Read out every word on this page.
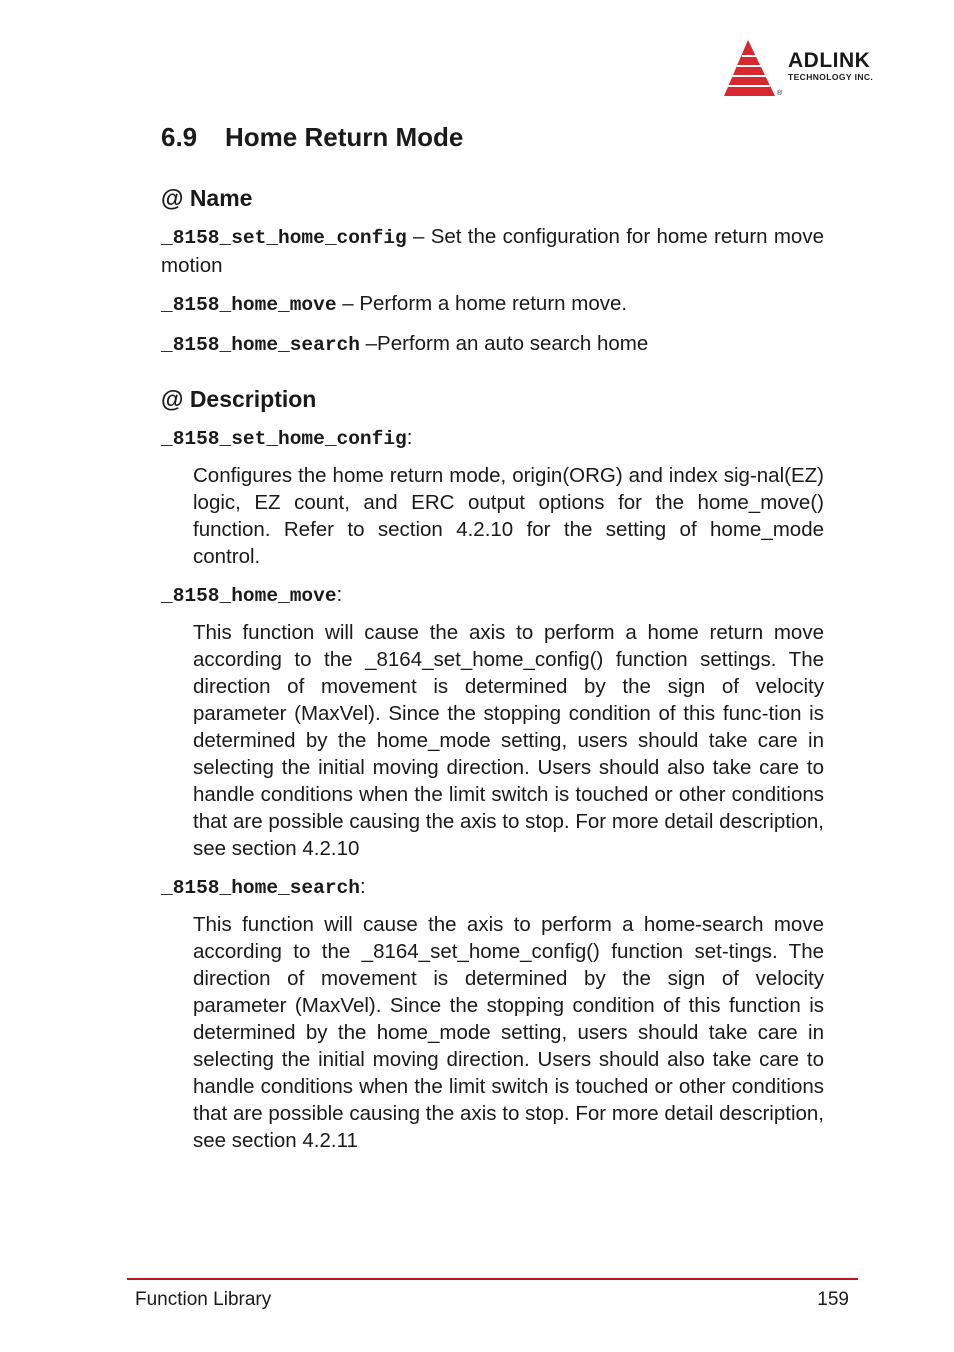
ADLINK
TECHNOLOGY INC.
®
6.9 Home Return Mode
@ Name

_8158_set_home_config – Set the configuration for home return move motion

_8158_home_move – Perform a home return move.

_8158_home_search –Perform an auto search home

@ Description
_8158_set_home_config:

Configures the home return mode, origin(ORG) and index sig-nal(EZ) logic, EZ count, and ERC output options for the home_move() function. Refer to section 4.2.10 for the setting of home_mode control.

_8158_home_move:

This function will cause the axis to perform a home return move according to the _8164_set_home_config() function settings. The direction of movement is determined by the sign of velocity parameter (MaxVel). Since the stopping condition of this func-tion is determined by the home_mode setting, users should take care in selecting the initial moving direction. Users should also take care to handle conditions when the limit switch is touched or other conditions that are possible causing the axis to stop. For more detail description, see section 4.2.10

_8158_home_search:

This function will cause the axis to perform a home-search move according to the _8164_set_home_config() function set-tings. The direction of movement is determined by the sign of velocity parameter (MaxVel). Since the stopping condition of this function is determined by the home_mode setting, users should take care in selecting the initial moving direction. Users should also take care to handle conditions when the limit switch is touched or other conditions that are possible causing the axis to stop. For more detail description, see section 4.2.11

Function Library	159
